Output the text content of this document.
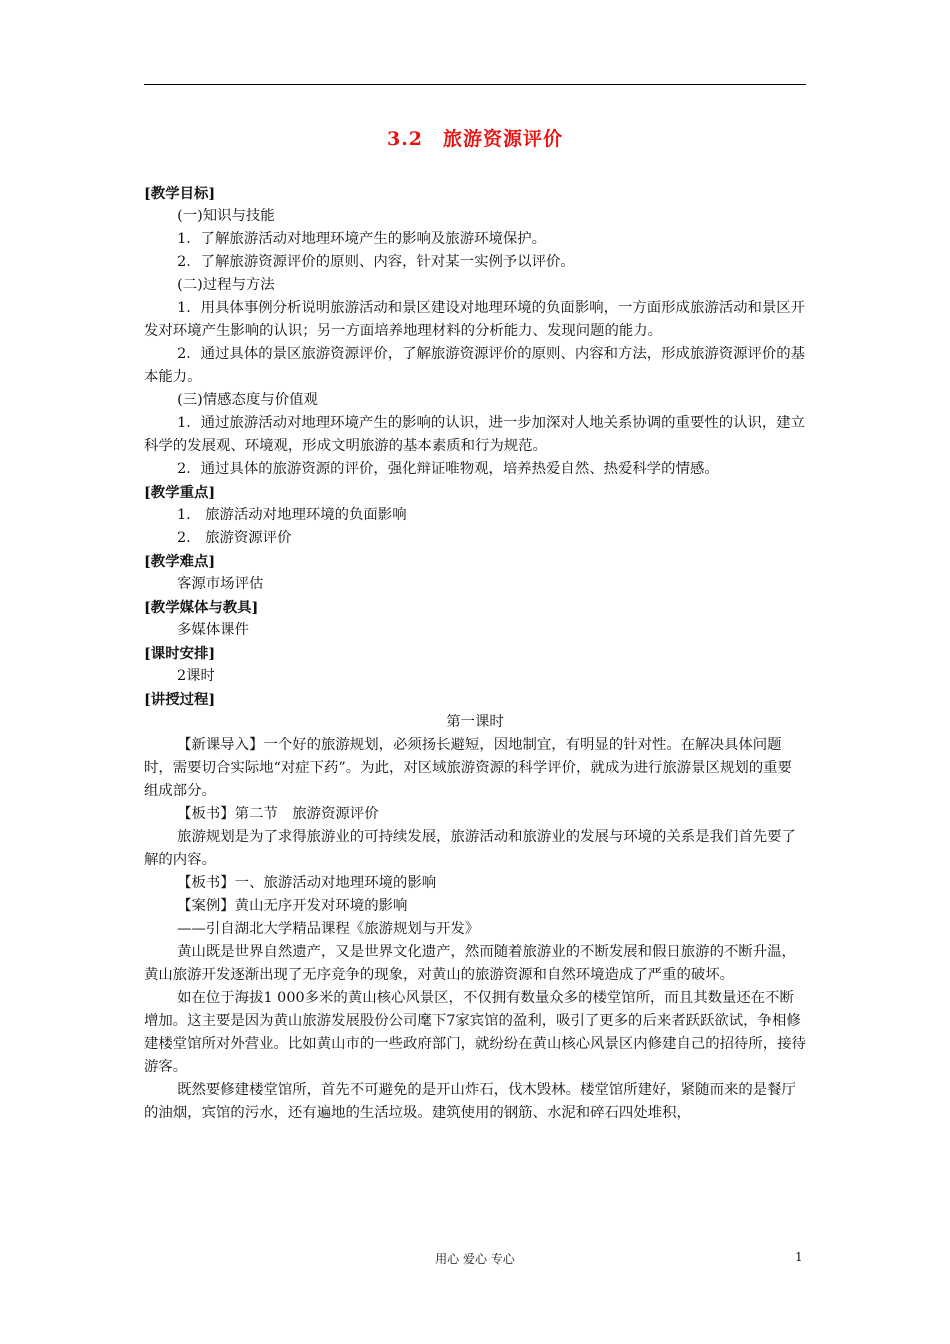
3.2　旅游资源评价

[教学目标]

(一)知识与技能

1．了解旅游活动对地理环境产生的影响及旅游环境保护。

2．了解旅游资源评价的原则、内容，针对某一实例予以评价。

(二)过程与方法

1．用具体事例分析说明旅游活动和景区建设对地理环境的负面影响，一方面形成旅游活动和景区开发对环境产生影响的认识；另一方面培养地理材料的分析能力、发现问题的能力。

2．通过具体的景区旅游资源评价，了解旅游资源评价的原则、内容和方法，形成旅游资源评价的基本能力。

(三)情感态度与价值观

1．通过旅游活动对地理环境产生的影响的认识，进一步加深对人地关系协调的重要性的认识，建立科学的发展观、环境观，形成文明旅游的基本素质和行为规范。

2．通过具体的旅游资源的评价，强化辩证唯物观，培养热爱自然、热爱科学的情感。

[教学重点]

1.　旅游活动对地理环境的负面影响

2.　旅游资源评价

[教学难点]

客源市场评估

[教学媒体与教具]

多媒体课件

[课时安排]

2课时

[讲授过程]

第一课时

【新课导入】一个好的旅游规划，必须扬长避短，因地制宜，有明显的针对性。在解决具体问题时，需要切合实际地“对症下药”。为此，对区域旅游资源的科学评价，就成为进行旅游景区规划的重要组成部分。

【板书】第二节　旅游资源评价

旅游规划是为了求得旅游业的可持续发展，旅游活动和旅游业的发展与环境的关系是我们首先要了解的内容。

【板书】一、旅游活动对地理环境的影响

【案例】黄山无序开发对环境的影响

——引自湖北大学精品课程《旅游规划与开发》

黄山既是世界自然遗产，又是世界文化遗产，然而随着旅游业的不断发展和假日旅游的不断升温，黄山旅游开发逐渐出现了无序竞争的现象，对黄山的旅游资源和自然环境造成了严重的破坏。

如在位于海拔1 000多米的黄山核心风景区，不仅拥有数量众多的楼堂馆所，而且其数量还在不断增加。这主要是因为黄山旅游发展股份公司麾下7家宾馆的盈利，吸引了更多的后来者跃跃欲试，争相修建楼堂馆所对外营业。比如黄山市的一些政府部门，就纷纷在黄山核心风景区内修建自己的招待所，接待游客。

既然要修建楼堂馆所，首先不可避免的是开山炸石，伐木毁林。楼堂馆所建好，紧随而来的是餐厅的油烟，宾馆的污水，还有遍地的生活垃圾。建筑使用的钢筋、水泥和碎石四处堆积，

用心 爱心 专心	1
